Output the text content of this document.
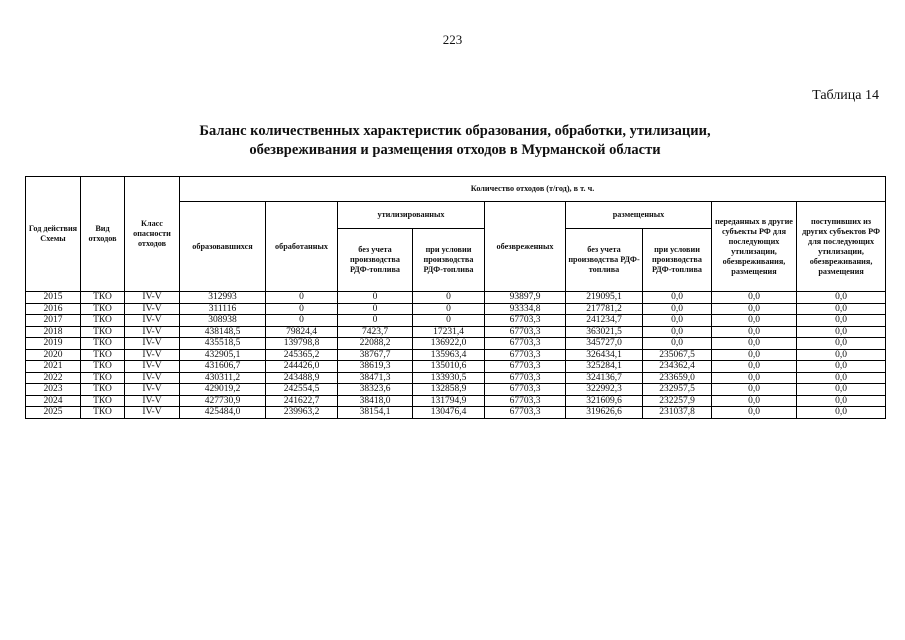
223
Таблица 14
Баланс количественных характеристик образования, обработки, утилизации,
обезвреживания и размещения отходов в Мурманской области
Год действия Схемы	Вид отходов	Класс опасности отходов	Количество отходов (т/год), в т. ч.								
			образовавшихся	обработанных	утилизированных		обезвреженных	размещенных		переданных в другие субъекты РФ для последующих утилизации, обезвреживания, размещения	поступивших из других субъектов РФ для последующих утилизации, обезвреживания, размещения
					без учета производства РДФ-топлива	при условии производства РДФ-топлива		без учета производства РДФ-топлива	при условии производства РДФ-топлива		
2015	ТКО	IV-V	312993	0	0	0	93897,9	219095,1	0,0	0,0	0,0
2016	ТКО	IV-V	311116	0	0	0	93334,8	217781,2	0,0	0,0	0,0
2017	ТКО	IV-V	308938	0	0	0	67703,3	241234,7	0,0	0,0	0,0
2018	ТКО	IV-V	438148,5	79824,4	7423,7	17231,4	67703,3	363021,5	0,0	0,0	0,0
2019	ТКО	IV-V	435518,5	139798,8	22088,2	136922,0	67703,3	345727,0	0,0	0,0	0,0
2020	ТКО	IV-V	432905,1	245365,2	38767,7	135963,4	67703,3	326434,1	235067,5	0,0	0,0
2021	ТКО	IV-V	431606,7	244426,0	38619,3	135010,6	67703,3	325284,1	234362,4	0,0	0,0
2022	ТКО	IV-V	430311,2	243488,9	38471,3	133930,5	67703,3	324136,7	233659,0	0,0	0,0
2023	ТКО	IV-V	429019,2	242554,5	38323,6	132858,9	67703,3	322992,3	232957,5	0,0	0,0
2024	ТКО	IV-V	427730,9	241622,7	38418,0	131794,9	67703,3	321609,6	232257,9	0,0	0,0
2025	ТКО	IV-V	425484,0	239963,2	38154,1	130476,4	67703,3	319626,6	231037,8	0,0	0,0
